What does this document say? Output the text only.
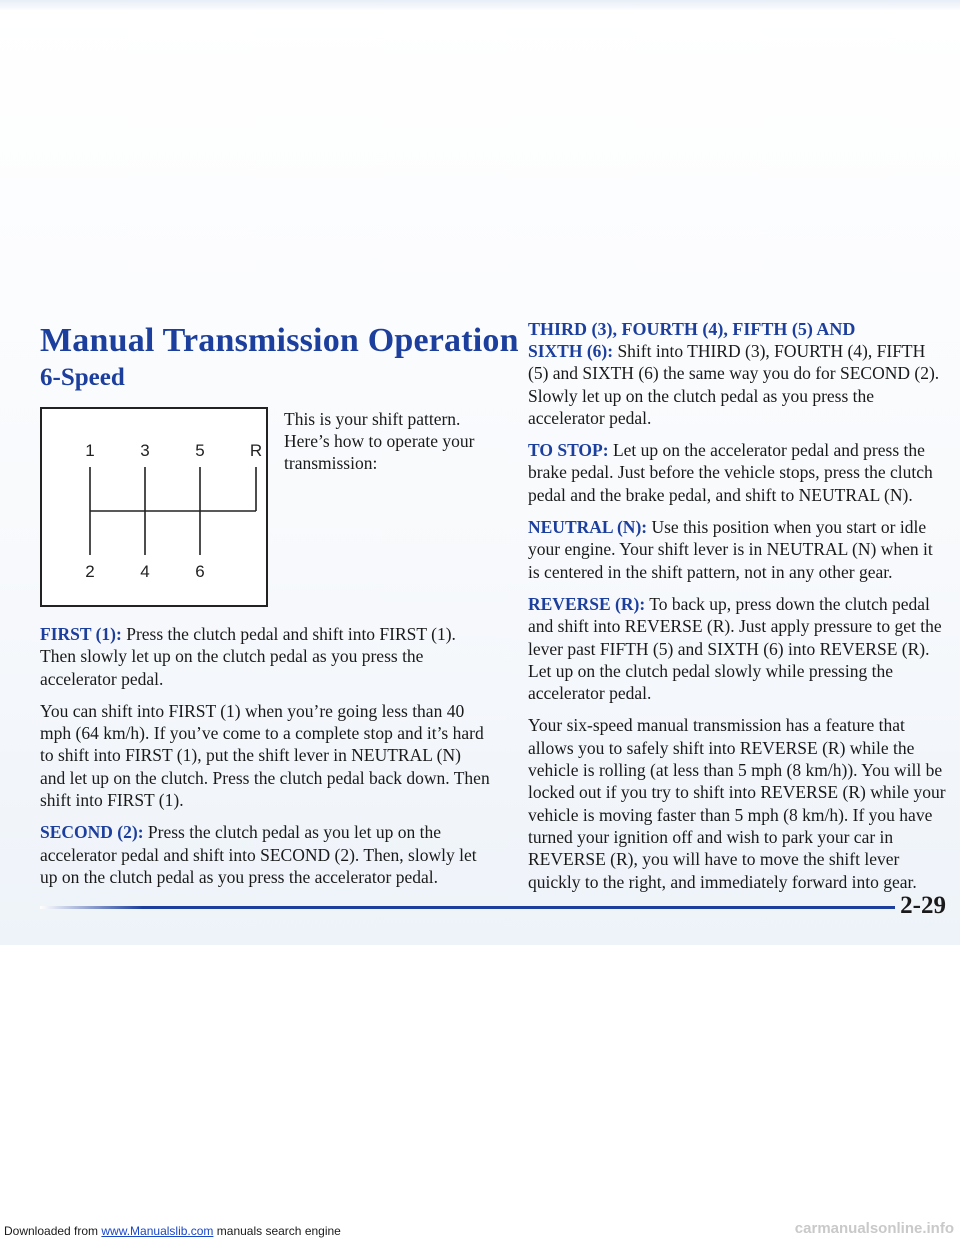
Manual Transmission Operation
6-Speed
1	3	5	R
2	4	6
This is your shift pattern. Here’s how to operate your transmission:

FIRST (1): Press the clutch pedal and shift into FIRST (1). Then slowly let up on the clutch pedal as you press the accelerator pedal.

You can shift into FIRST (1) when you’re going less than 40 mph (64 km/h). If you’ve come to a complete stop and it’s hard to shift into FIRST (1), put the shift lever in NEUTRAL (N) and let up on the clutch. Press the clutch pedal back down. Then shift into FIRST (1).

SECOND (2): Press the clutch pedal as you let up on the accelerator pedal and shift into SECOND (2). Then, slowly let up on the clutch pedal as you press the accelerator pedal.

THIRD (3), FOURTH (4), FIFTH (5) AND

SIXTH (6): Shift into THIRD (3), FOURTH (4), FIFTH (5) and SIXTH (6) the same way you do for SECOND (2). Slowly let up on the clutch pedal as you press the accelerator pedal.

TO STOP: Let up on the accelerator pedal and press the brake pedal. Just before the vehicle stops, press the clutch pedal and the brake pedal, and shift to NEUTRAL (N).

NEUTRAL (N): Use this position when you start or idle your engine. Your shift lever is in NEUTRAL (N) when it is centered in the shift pattern, not in any other gear.

REVERSE (R): To back up, press down the clutch pedal and shift into REVERSE (R). Just apply pressure to get the lever past FIFTH (5) and SIXTH (6) into REVERSE (R). Let up on the clutch pedal slowly while pressing the accelerator pedal.

Your six-speed manual transmission has a feature that allows you to safely shift into REVERSE (R) while the vehicle is rolling (at less than 5 mph (8 km/h)). You will be locked out if you try to shift into REVERSE (R) while your vehicle is moving faster than 5 mph (8 km/h). If you have turned your ignition off and wish to park your car in REVERSE (R), you will have to move the shift lever quickly to the right, and immediately forward into gear.

2-29

Downloaded from www.Manualslib.com manuals search engine	carmanualsonline.info
